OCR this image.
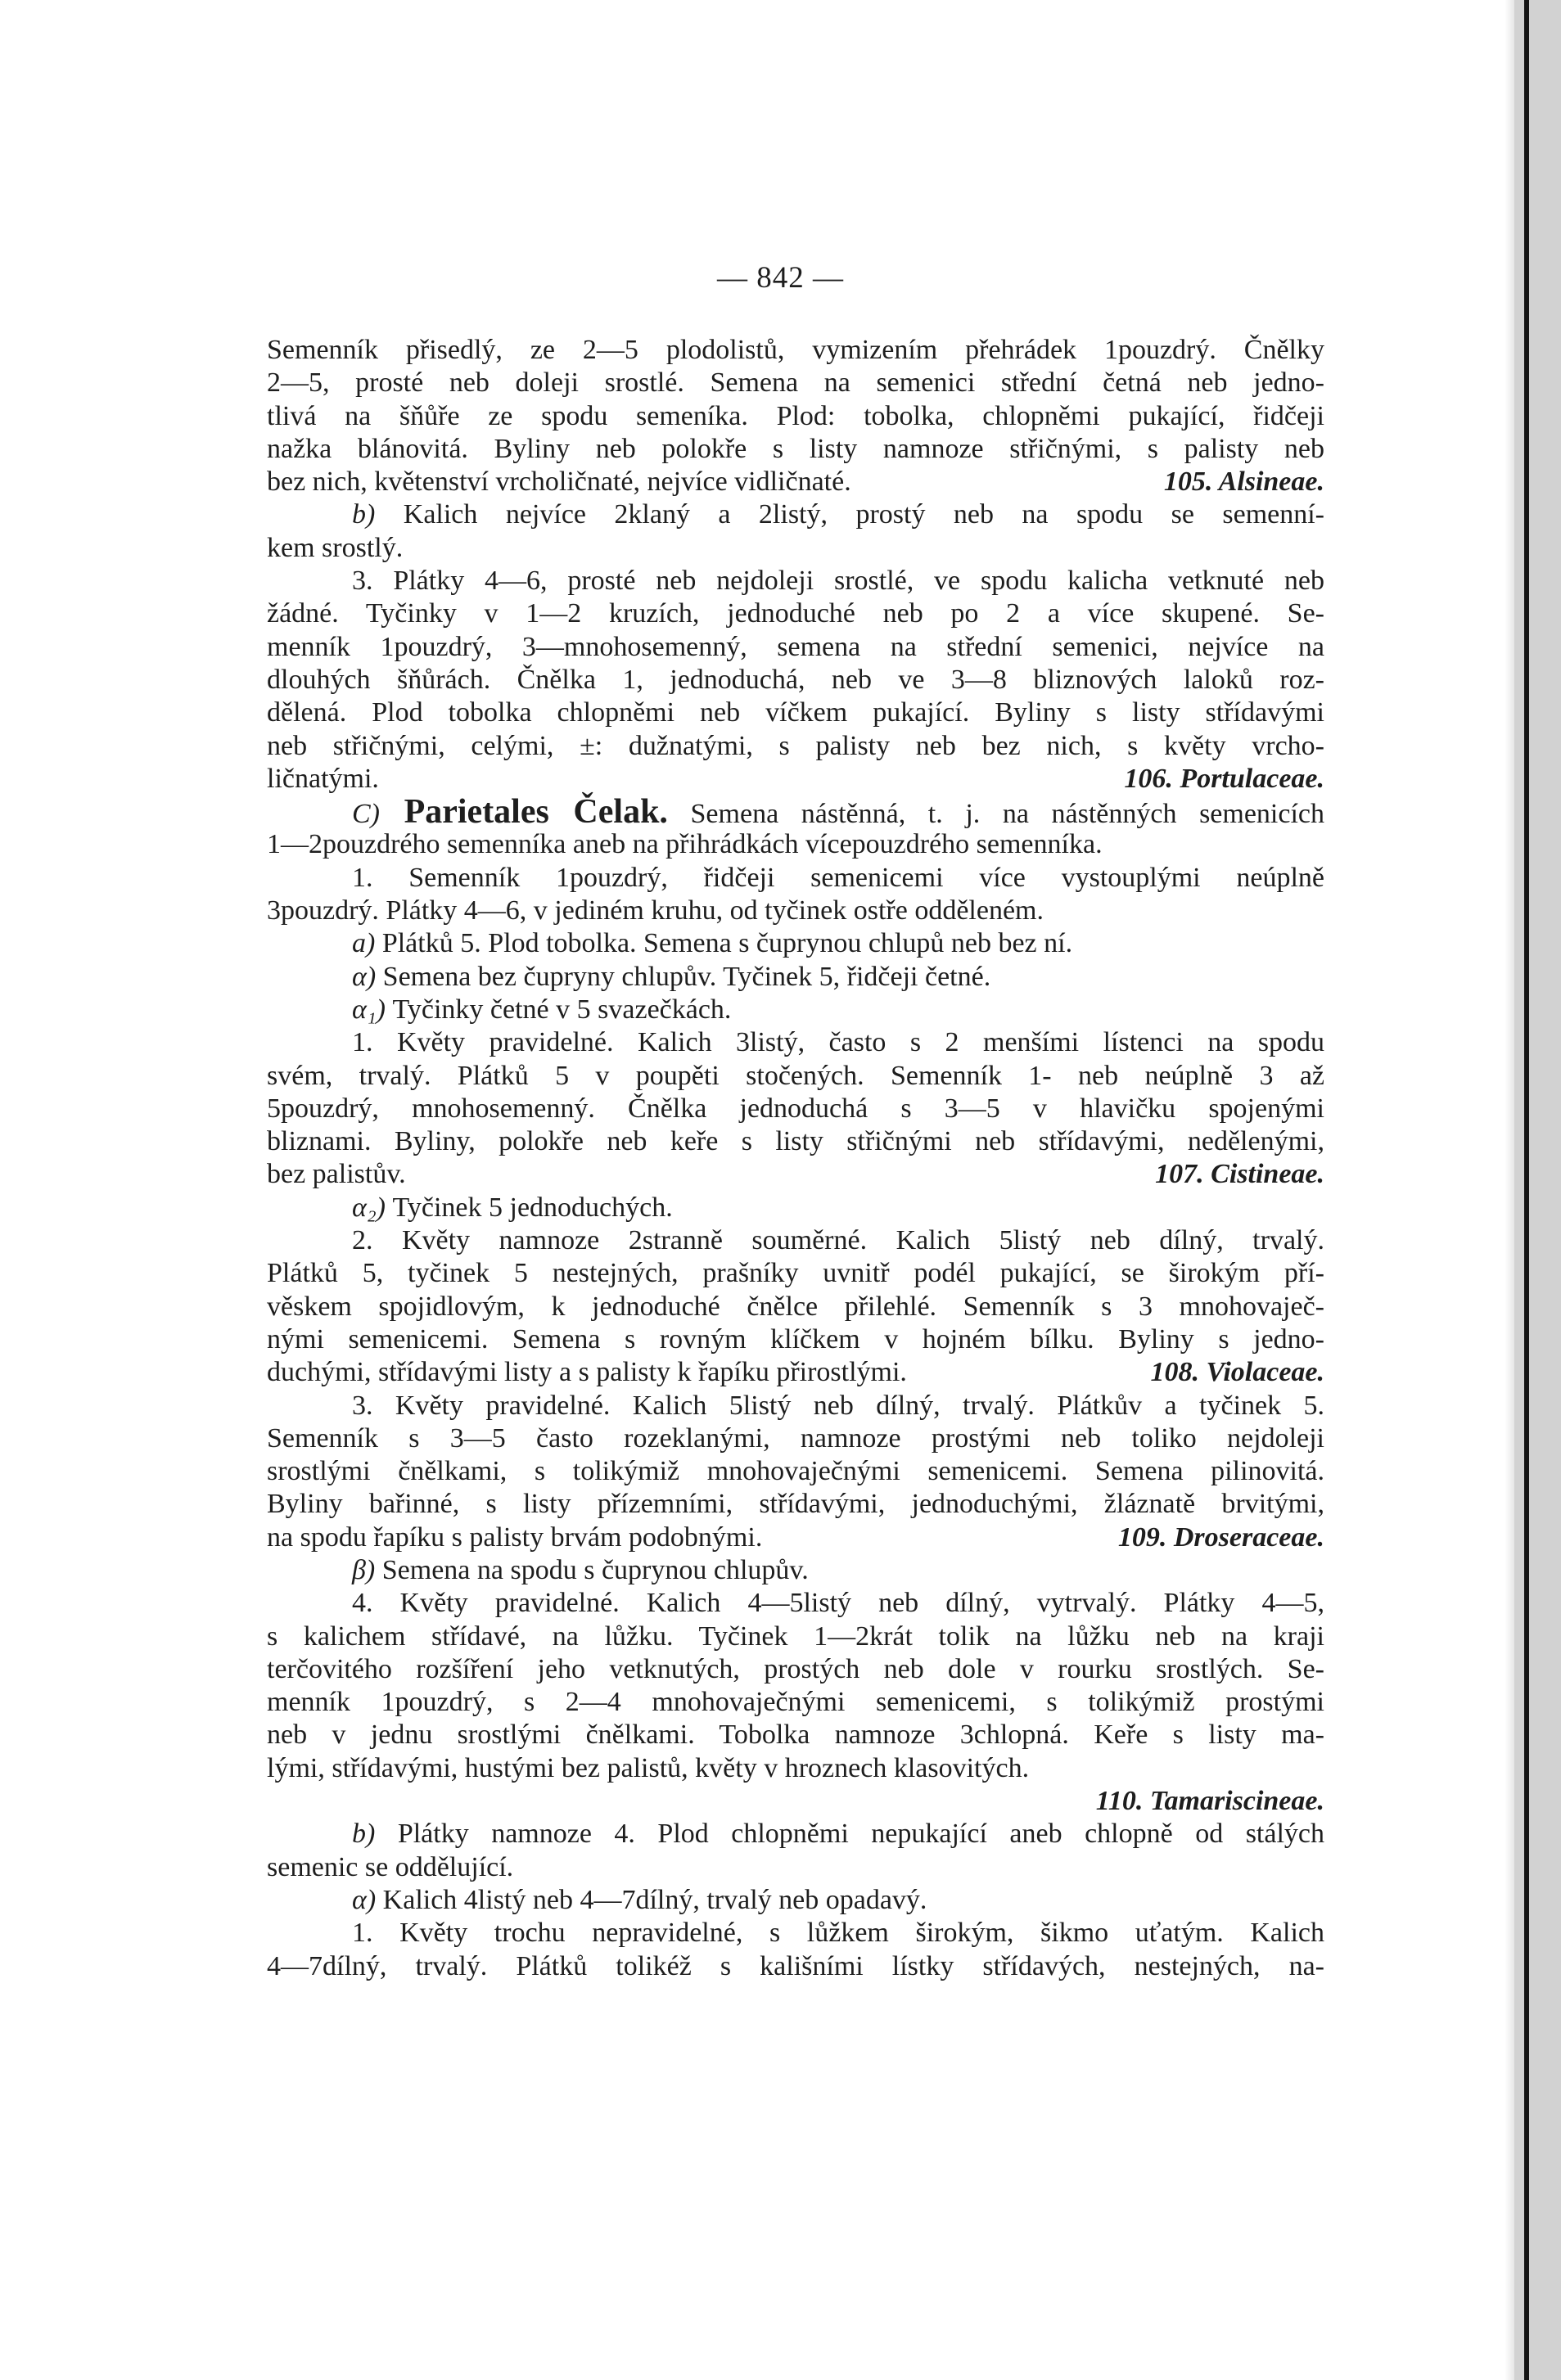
— 842 —
Semenník přisedlý, ze 2—5 plodolistů, vymizením přehrádek 1pouzdrý. Čnělky
2—5, prosté neb doleji srostlé. Semena na semenici střední četná neb jedno-
tlivá na šňůře ze spodu semeníka. Plod: tobolka, chlopněmi pukající, řidčeji
nažka blánovitá. Byliny neb polokře s listy namnoze střičnými, s palisty neb
105. Alsineae.
bez nich, květenství vrcholičnaté, nejvíce vidličnaté.
b) Kalich nejvíce 2klaný a 2listý, prostý neb na spodu se semenní-
kem srostlý.
3. Plátky 4—6, prosté neb nejdoleji srostlé, ve spodu kalicha vetknuté neb
žádné. Tyčinky v 1—2 kruzích, jednoduché neb po 2 a více skupené. Se-
menník 1pouzdrý, 3—mnohosemenný, semena na střední semenici, nejvíce na
dlouhých šňůrách. Čnělka 1, jednoduchá, neb ve 3—8 bliznových laloků roz-
dělená. Plod tobolka chlopněmi neb víčkem pukající. Byliny s listy střídavými
neb střičnými, celými, ±: dužnatými, s palisty neb bez nich, s květy vrcho-
106. Portulaceae.
ličnatými.
C) Parietales Čelak. Semena nástěnná, t. j. na nástěnných semenicích
1—2pouzdrého semenníka aneb na přihrádkách vícepouzdrého semenníka.
1. Semenník 1pouzdrý, řidčeji semenicemi více vystouplými neúplně
3pouzdrý. Plátky 4—6, v jediném kruhu, od tyčinek ostře odděleném.
a) Plátků 5. Plod tobolka. Semena s čuprynou chlupů neb bez ní.
α) Semena bez čupryny chlupův. Tyčinek 5, řidčeji četné.
α₁) Tyčinky četné v 5 svazečkách.
1. Květy pravidelné. Kalich 3listý, často s 2 menšími lístenci na spodu
svém, trvalý. Plátků 5 v poupěti stočených. Semenník 1- neb neúplně 3 až
5pouzdrý, mnohosemenný. Čnělka jednoduchá s 3—5 v hlavičku spojenými
bliznami. Byliny, polokře neb keře s listy střičnými neb střídavými, nedělenými,
107. Cistineae.
bez palistův.
α₂) Tyčinek 5 jednoduchých.
2. Květy namnoze 2stranně souměrné. Kalich 5listý neb dílný, trvalý.
Plátků 5, tyčinek 5 nestejných, prašníky uvnitř podél pukající, se širokým pří-
věskem spojidlovým, k jednoduché čnělce přilehlé. Semenník s 3 mnohovaječ-
nými semenicemi. Semena s rovným klíčkem v hojném bílku. Byliny s jedno-
108. Violaceae.
duchými, střídavými listy a s palisty k řapíku přirostlými.
3. Květy pravidelné. Kalich 5listý neb dílný, trvalý. Plátkův a tyčinek 5.
Semenník s 3—5 často rozeklanými, namnoze prostými neb toliko nejdoleji
srostlými čnělkami, s tolikýmiž mnohovaječnými semenicemi. Semena pilinovitá.
Byliny bařinné, s listy přízemními, střídavými, jednoduchými, žláznatě brvitými,
109. Droseraceae.
na spodu řapíku s palisty brvám podobnými.
β) Semena na spodu s čuprynou chlupův.
4. Květy pravidelné. Kalich 4—5listý neb dílný, vytrvalý. Plátky 4—5,
s kalichem střídavé, na lůžku. Tyčinek 1—2krát tolik na lůžku neb na kraji
terčovitého rozšíření jeho vetknutých, prostých neb dole v rourku srostlých. Se-
menník 1pouzdrý, s 2—4 mnohovaječnými semenicemi, s tolikýmiž prostými
neb v jednu srostlými čnělkami. Tobolka namnoze 3chlopná. Keře s listy ma-
lými, střídavými, hustými bez palistů, květy v hroznech klasovitých.
110. Tamariscineae.
b) Plátky namnoze 4. Plod chlopněmi nepukající aneb chlopně od stálých
semenic se oddělující.
α) Kalich 4listý neb 4—7dílný, trvalý neb opadavý.
1. Květy trochu nepravidelné, s lůžkem širokým, šikmo uťatým. Kalich
4—7dílný, trvalý. Plátků tolikéž s kališními lístky střídavých, nestejných, na-
